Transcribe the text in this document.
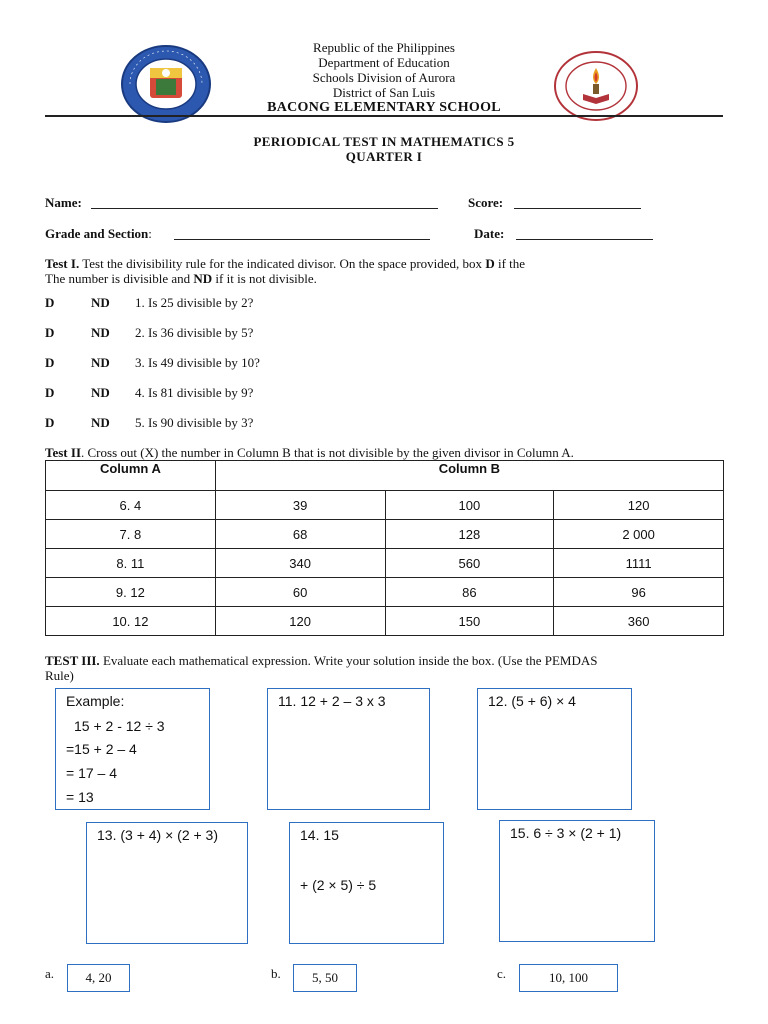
Republic of the Philippines
Department of Education
Schools Division of Aurora
District of San Luis
BACONG ELEMENTARY SCHOOL
PERIODICAL TEST IN MATHEMATICS 5
QUARTER I
Name:	Score:
Grade and Section:	Date:
Test I. Test the divisibility rule for the indicated divisor. On the space provided, box D if the
The number is divisible and ND if it is not divisible.
D	ND 1. Is 25 divisible by 2?
D	ND 2. Is 36 divisible by 5?
D	ND 3. Is 49 divisible by 10?
D	ND 4. Is 81 divisible by 9?
D	ND 5. Is 90 divisible by 3?
Test II. Cross out (X) the number in Column B that is not divisible by the given divisor in Column A.
Column A	Column B		
6. 4	39	100	120
7. 8	68	128	2 000
8. 11	340	560	1111
9. 12	60	86	96
10. 12	120	150	360
TEST III. Evaluate each mathematical expression. Write your solution inside the box. (Use the PEMDAS
Rule)
Example:
15 + 2 - 12 ÷ 3
=15 + 2 – 4
= 17 – 4
= 13
11. 12 + 2 – 3 x 3	12. (5 + 6) × 4
13. (3 + 4) × (2 + 3)	14. 15
+ (2 × 5) ÷ 5
15. 6 ÷ 3 × (2 + 1)
TEST IV. Find the GCF and LCM of the following numbers.
a.	4, 20	b.	5, 50	c.	10, 100
